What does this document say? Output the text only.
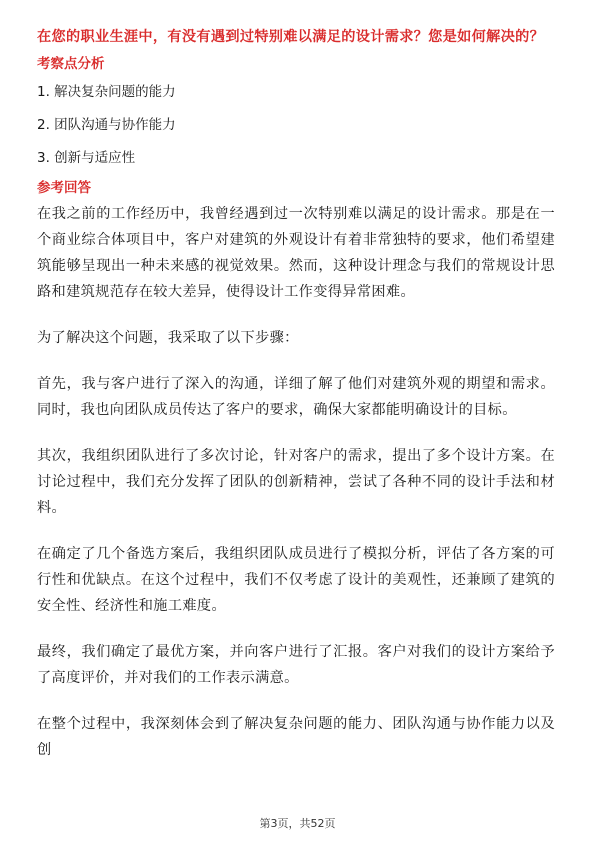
在您的职业生涯中，有没有遇到过特别难以满足的设计需求？您是如何解决的？
考察点分析
1. 解决复杂问题的能力
2. 团队沟通与协作能力
3. 创新与适应性
参考回答

在我之前的工作经历中，我曾经遇到过一次特别难以满足的设计需求。那是在一个商业综合体项目中，客户对建筑的外观设计有着非常独特的要求，他们希望建筑能够呈现出一种未来感的视觉效果。然而，这种设计理念与我们的常规设计思路和建筑规范存在较大差异，使得设计工作变得异常困难。

为了解决这个问题，我采取了以下步骤：

首先，我与客户进行了深入的沟通，详细了解了他们对建筑外观的期望和需求。同时，我也向团队成员传达了客户的要求，确保大家都能明确设计的目标。

其次，我组织团队进行了多次讨论，针对客户的需求，提出了多个设计方案。在讨论过程中，我们充分发挥了团队的创新精神，尝试了各种不同的设计手法和材料。

在确定了几个备选方案后，我组织团队成员进行了模拟分析，评估了各方案的可行性和优缺点。在这个过程中，我们不仅考虑了设计的美观性，还兼顾了建筑的安全性、经济性和施工难度。

最终，我们确定了最优方案，并向客户进行了汇报。客户对我们的设计方案给予了高度评价，并对我们的工作表示满意。

在整个过程中，我深刻体会到了解决复杂问题的能力、团队沟通与协作能力以及创

第3页，共52页
